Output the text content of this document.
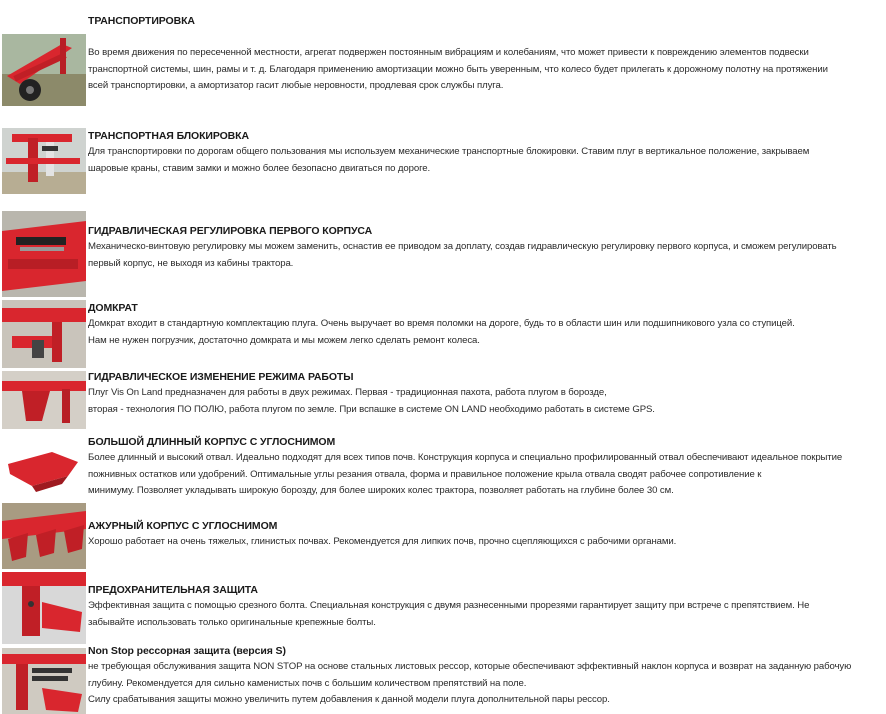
ТРАНСПОРТИРОВКА
Во время движения по пересеченной местности, агрегат подвержен постоянным вибрациям и колебаниям, что может привести к повреждению элементов подвески
транспортной системы, шин, рамы и т. д. Благодаря применению амортизации можно быть уверенным, что колесо будет прилегать к дорожному полотну на протяжении
всей транспортировки, а амортизатор гасит любые неровности, продлевая срок службы плуга.
ТРАНСПОРТНАЯ БЛОКИРОВКА
Для транспортировки по дорогам общего пользования мы используем механические транспортные блокировки. Ставим плуг в вертикальное положение, закрываем
шаровые краны, ставим замки и можно более безопасно двигаться по дороге.
ГИДРАВЛИЧЕСКАЯ РЕГУЛИРОВКА ПЕРВОГО КОРПУСА
Механическо-винтовую регулировку мы можем заменить, оснастив ее приводом за доплату, создав гидравлическую регулировку первого корпуса, и сможем регулировать
первый корпус, не выходя из кабины трактора.
ДОМКРАТ
Домкрат входит в стандартную комплектацию плуга. Очень выручает во время поломки на дороге, будь то в области шин или подшипникового узла со ступицей.
Нам не нужен погрузчик, достаточно домкрата и мы можем легко сделать ремонт колеса.
ГИДРАВЛИЧЕСКОЕ ИЗМЕНЕНИЕ РЕЖИМА РАБОТЫ
Плуг Vis On Land предназначен для работы в двух режимах. Первая - традиционная пахота, работа плугом в борозде,
вторая - технология ПО ПОЛЮ, работа плугом по земле. При вспашке в системе ON LAND необходимо работать в системе GPS.
БОЛЬШОЙ ДЛИННЫЙ КОРПУС С УГЛОСНИМОМ
Более длинный и высокий отвал. Идеально подходят для всех типов почв. Конструкция корпуса и специально профилированный отвал обеспечивают идеальное покрытие
пожнивных остатков или удобрений. Оптимальные углы резания отвала, форма и правильное положение крыла отвала сводят рабочее сопротивление к
минимуму. Позволяет укладывать широкую борозду, для более широких колес трактора, позволяет работать на глубине более 30 см.
АЖУРНЫЙ КОРПУС С УГЛОСНИМОМ
Хорошо работает на очень тяжелых, глинистых почвах. Рекомендуется для липких почв, прочно сцепляющихся с рабочими органами.
ПРЕДОХРАНИТЕЛЬНАЯ ЗАЩИТА
Эффективная защита с помощью срезного болта. Специальная конструкция с двумя разнесенными прорезями гарантирует защиту при встрече с препятствием. Не
забывайте использовать только оригинальные крепежные болты.
Non Stop рессорная защита (версия S)
не требующая обслуживания защита NON STOP на основе стальных листовых рессор, которые обеспечивают эффективный наклон корпуса и возврат на заданную рабочую
глубину. Рекомендуется для сильно каменистых почв с большим количеством препятствий на поле.
Силу срабатывания защиты можно увеличить путем добавления к данной модели плуга дополнительной пары рессор.
